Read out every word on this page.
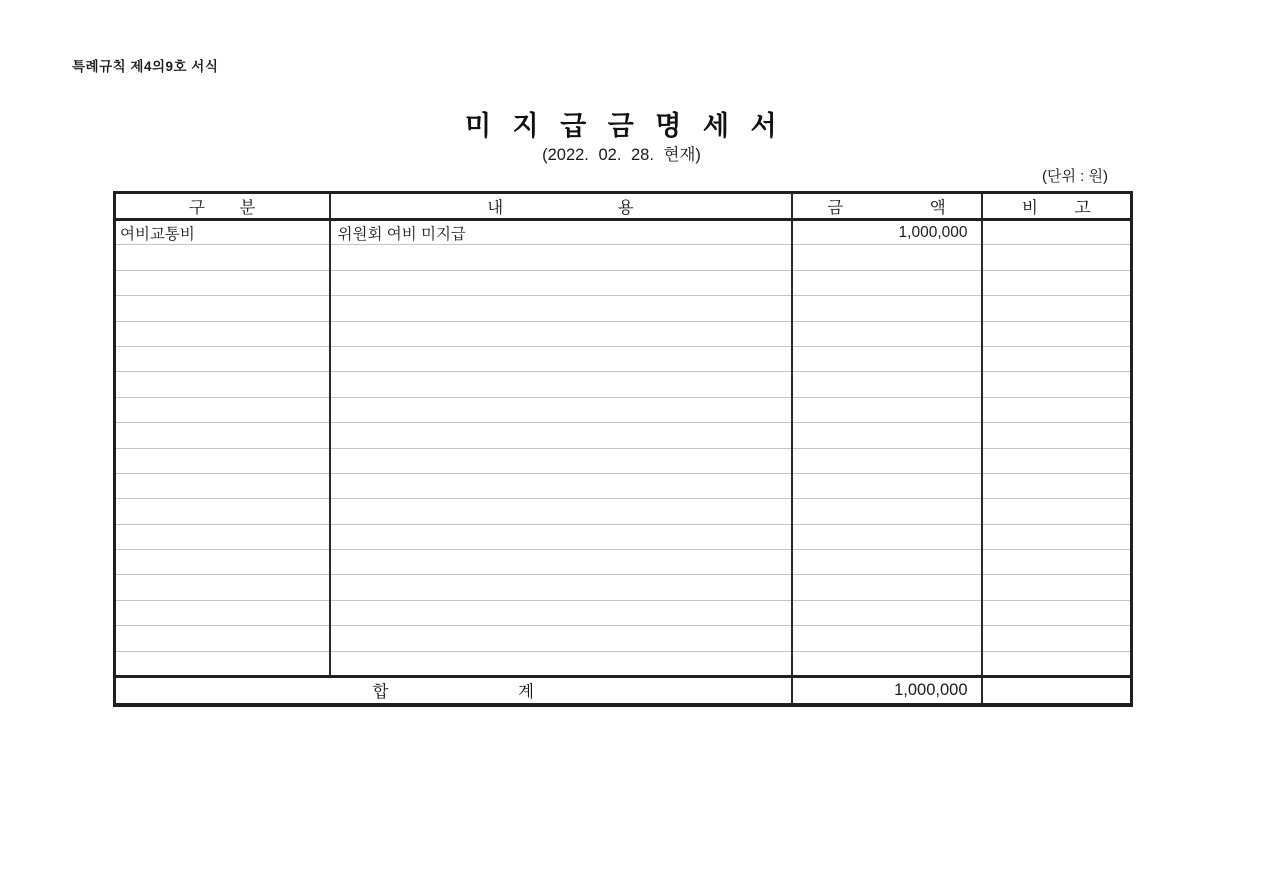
특례규칙 제4의9호 서식
미 지 급 금 명 세 서
(2022. 02. 28. 현재)
(단위 : 원)
구 분	내 용	금 액	비 고
여비교통비	위원회 여비 미지급	1,000,000	

합 계		1,000,000	
